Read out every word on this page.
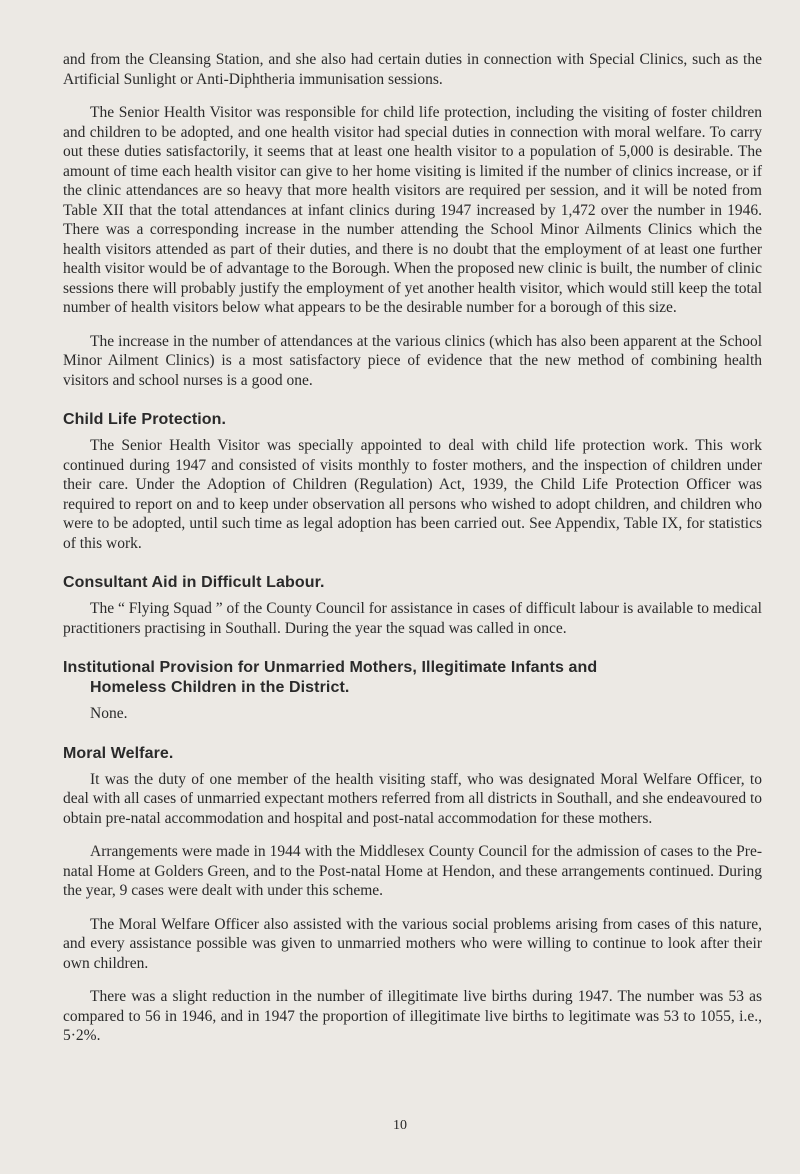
and from the Cleansing Station, and she also had certain duties in connection with Special Clinics, such as the Artificial Sunlight or Anti-Diphtheria immunisation sessions.

The Senior Health Visitor was responsible for child life protection, including the visiting of foster children and children to be adopted, and one health visitor had special duties in connection with moral welfare. To carry out these duties satisfactorily, it seems that at least one health visitor to a population of 5,000 is desirable. The amount of time each health visitor can give to her home visiting is limited if the number of clinics increase, or if the clinic attendances are so heavy that more health visitors are required per session, and it will be noted from Table XII that the total attendances at infant clinics during 1947 increased by 1,472 over the number in 1946. There was a corresponding increase in the number attending the School Minor Ailments Clinics which the health visitors attended as part of their duties, and there is no doubt that the employment of at least one further health visitor would be of advantage to the Borough. When the proposed new clinic is built, the number of clinic sessions there will probably justify the employment of yet another health visitor, which would still keep the total number of health visitors below what appears to be the desirable number for a borough of this size.

The increase in the number of attendances at the various clinics (which has also been apparent at the School Minor Ailment Clinics) is a most satisfactory piece of evidence that the new method of combining health visitors and school nurses is a good one.

Child Life Protection.

The Senior Health Visitor was specially appointed to deal with child life protection work. This work continued during 1947 and consisted of visits monthly to foster mothers, and the inspection of children under their care. Under the Adoption of Children (Regulation) Act, 1939, the Child Life Protection Officer was required to report on and to keep under observation all persons who wished to adopt children, and children who were to be adopted, until such time as legal adoption has been carried out. See Appendix, Table IX, for statistics of this work.

Consultant Aid in Difficult Labour.

The “ Flying Squad ” of the County Council for assistance in cases of difficult labour is available to medical practitioners practising in Southall. During the year the squad was called in once.

Institutional Provision for Unmarried Mothers, Illegitimate Infants and
Homeless Children in the District.

None.

Moral Welfare.

It was the duty of one member of the health visiting staff, who was designated Moral Welfare Officer, to deal with all cases of unmarried expectant mothers referred from all districts in Southall, and she endeavoured to obtain pre-natal accommodation and hospital and post-natal accommodation for these mothers.

Arrangements were made in 1944 with the Middlesex County Council for the admission of cases to the Pre-natal Home at Golders Green, and to the Post-natal Home at Hendon, and these arrangements continued. During the year, 9 cases were dealt with under this scheme.

The Moral Welfare Officer also assisted with the various social problems arising from cases of this nature, and every assistance possible was given to unmarried mothers who were willing to continue to look after their own children.

There was a slight reduction in the number of illegitimate live births during 1947. The number was 53 as compared to 56 in 1946, and in 1947 the proportion of illegitimate live births to legitimate was 53 to 1055, i.e., 5·2%.

10
